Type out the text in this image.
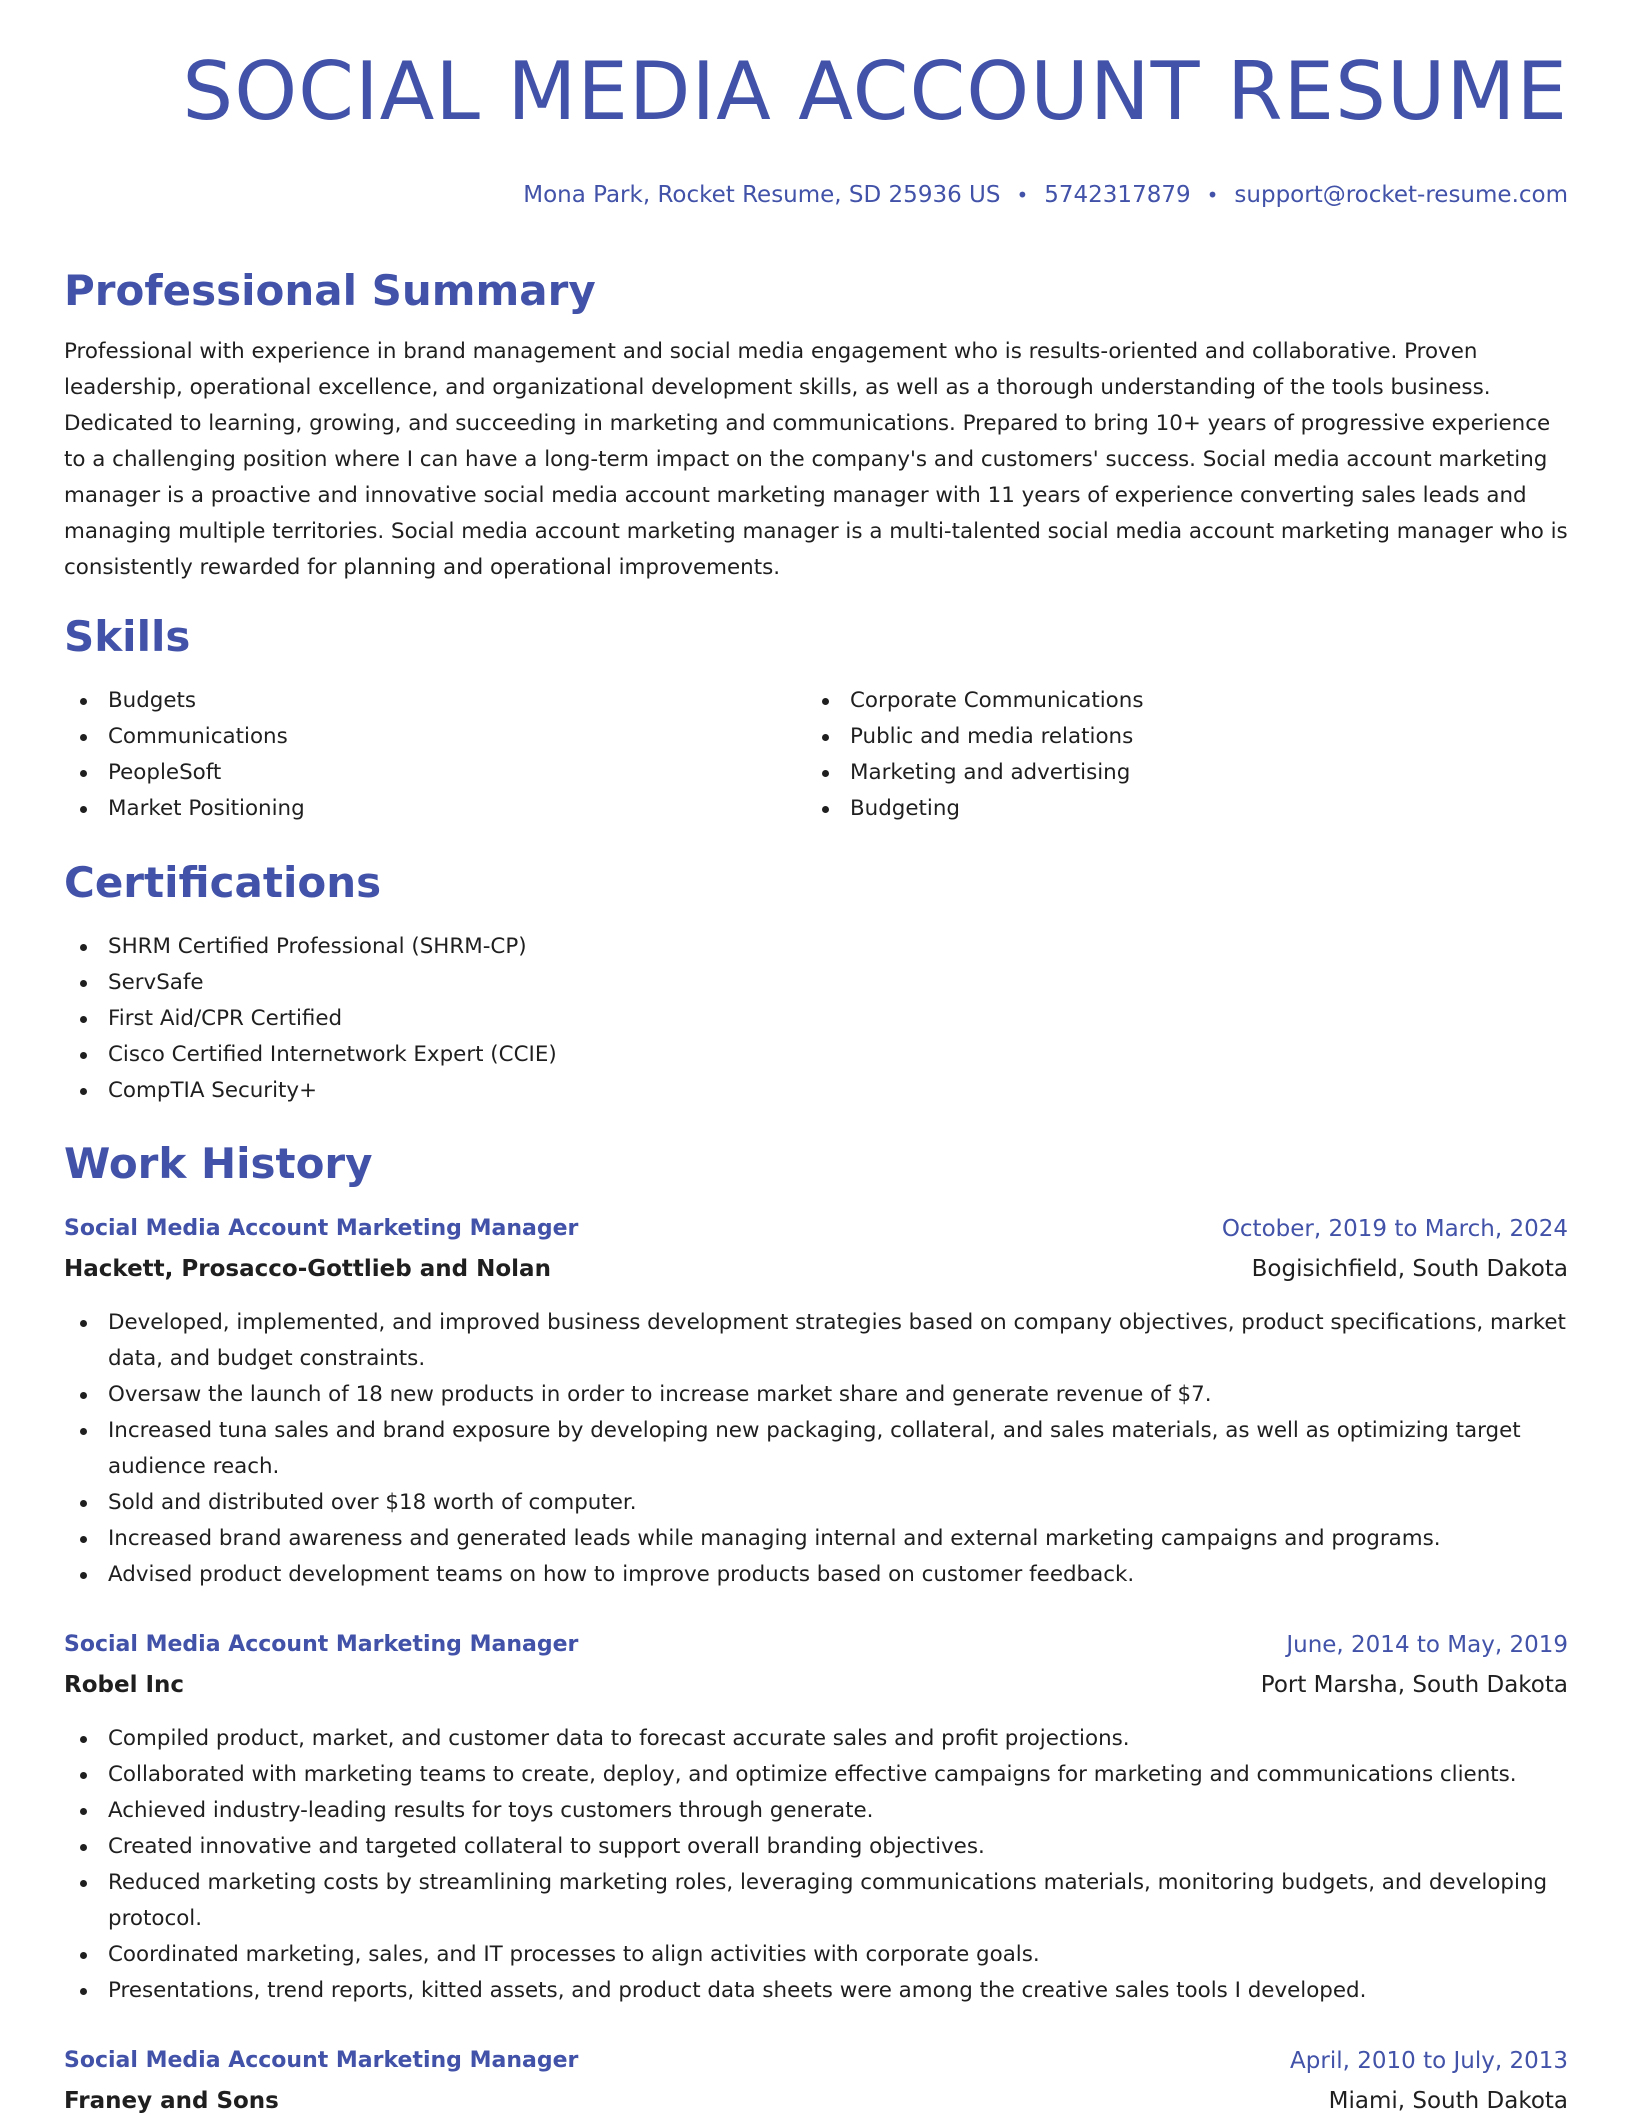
SOCIAL MEDIA ACCOUNT RESUME
Mona Park, Rocket Resume, SD 25936 US • 5742317879 • support@rocket-resume.com
Professional Summary

Professional with experience in brand management and social media engagement who is results-oriented and collaborative. Proven leadership, operational excellence, and organizational development skills, as well as a thorough understanding of the tools business. Dedicated to learning, growing, and succeeding in marketing and communications. Prepared to bring 10+ years of progressive experience to a challenging position where I can have a long-term impact on the company's and customers' success. Social media account marketing manager is a proactive and innovative social media account marketing manager with 11 years of experience converting sales leads and managing multiple territories. Social media account marketing manager is a multi-talented social media account marketing manager who is consistently rewarded for planning and operational improvements.

Skills
Budgets
Communications
PeopleSoft
Market Positioning
Corporate Communications
Public and media relations
Marketing and advertising
Budgeting
Certifications
SHRM Certified Professional (SHRM-CP)
ServSafe
First Aid/CPR Certified
Cisco Certified Internetwork Expert (CCIE)
CompTIA Security+
Work History
Social Media Account Marketing Manager	October, 2019 to March, 2024
Hackett, Prosacco-Gottlieb and Nolan	Bogisichfield, South Dakota
Developed, implemented, and improved business development strategies based on company objectives, product specifications, market data, and budget constraints.
Oversaw the launch of 18 new products in order to increase market share and generate revenue of $7.
Increased tuna sales and brand exposure by developing new packaging, collateral, and sales materials, as well as optimizing target audience reach.
Sold and distributed over $18 worth of computer.
Increased brand awareness and generated leads while managing internal and external marketing campaigns and programs.
Advised product development teams on how to improve products based on customer feedback.
Social Media Account Marketing Manager	June, 2014 to May, 2019
Robel Inc	Port Marsha, South Dakota
Compiled product, market, and customer data to forecast accurate sales and profit projections.
Collaborated with marketing teams to create, deploy, and optimize effective campaigns for marketing and communications clients.
Achieved industry-leading results for toys customers through generate.
Created innovative and targeted collateral to support overall branding objectives.
Reduced marketing costs by streamlining marketing roles, leveraging communications materials, monitoring budgets, and developing protocol.
Coordinated marketing, sales, and IT processes to align activities with corporate goals.
Presentations, trend reports, kitted assets, and product data sheets were among the creative sales tools I developed.
Social Media Account Marketing Manager	April, 2010 to July, 2013
Franey and Sons	Miami, South Dakota
